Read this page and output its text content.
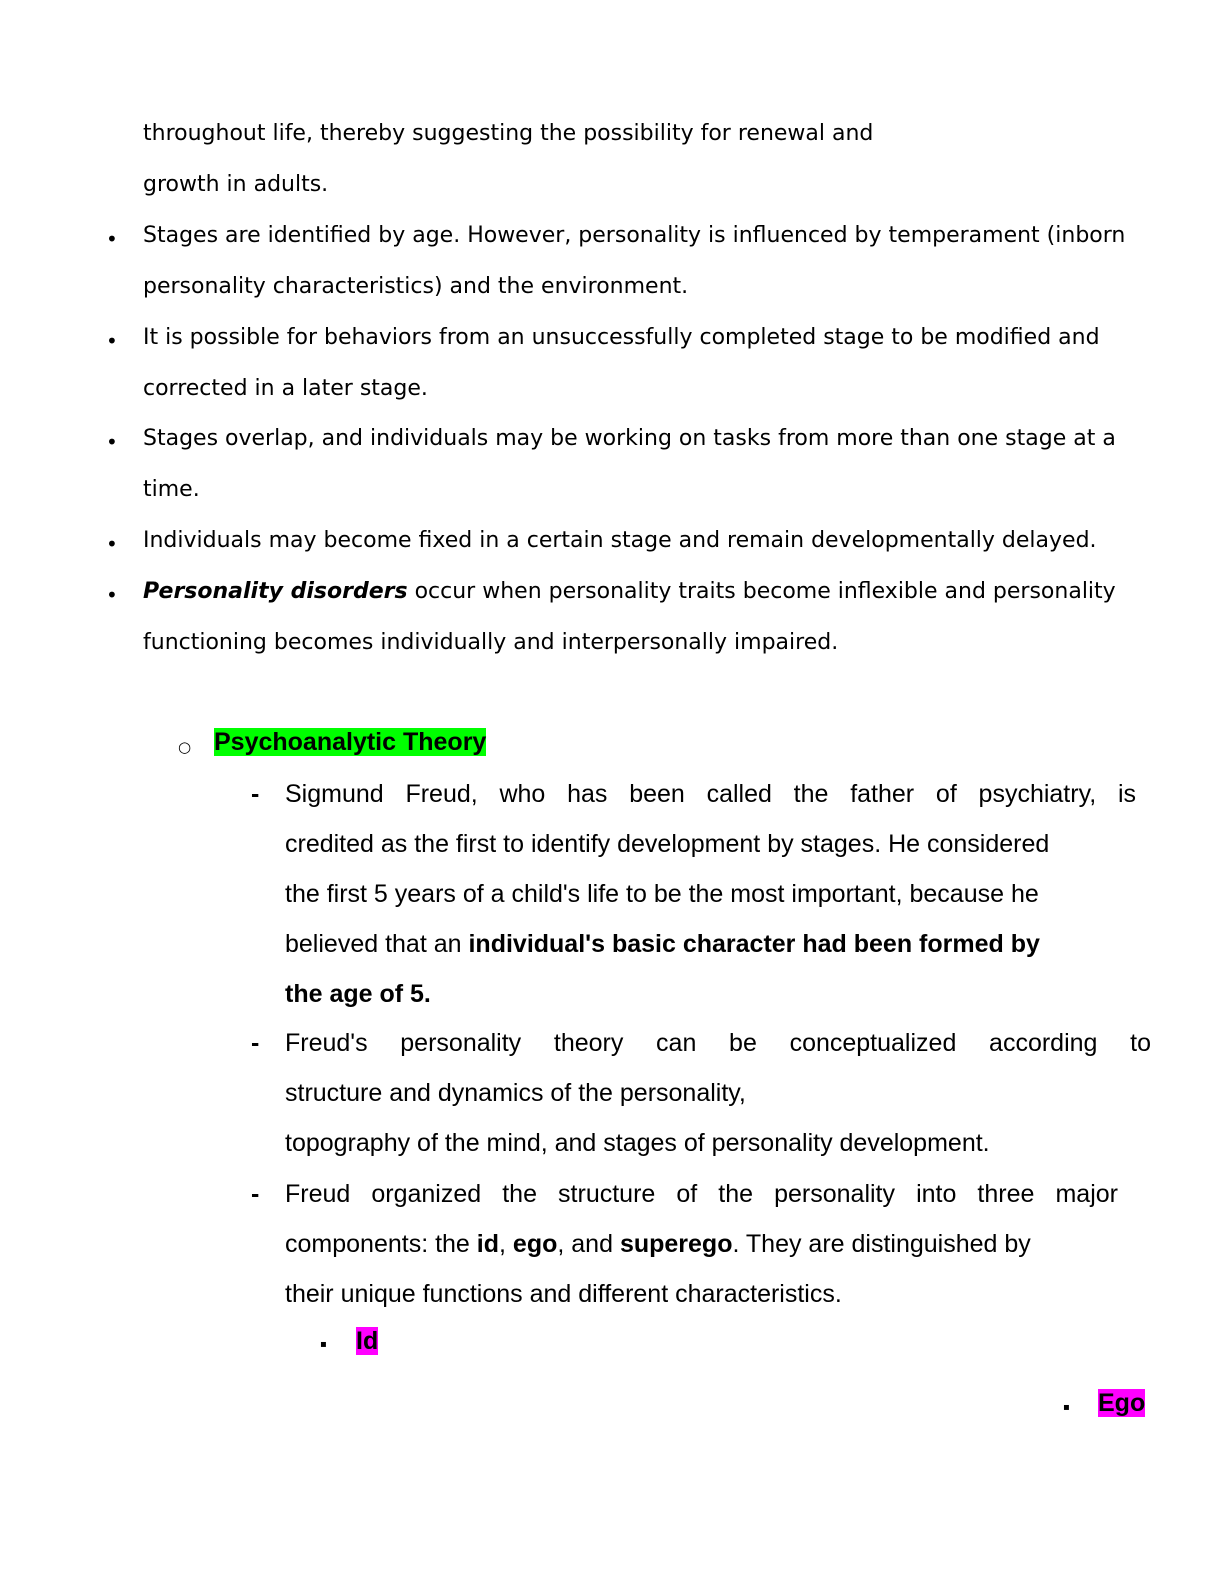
throughout life, thereby suggesting the possibility for renewal and
growth in adults.
• Stages are identified by age. However, personality is influenced by temperament (inborn
personality characteristics) and the environment.
• It is possible for behaviors from an unsuccessfully completed stage to be modified and
corrected in a later stage.
• Stages overlap, and individuals may be working on tasks from more than one stage at a
time.
• Individuals may become fixed in a certain stage and remain developmentally delayed.
• Personality disorders occur when personality traits become inflexible and personality
functioning becomes individually and interpersonally impaired.
○ Psychoanalytic Theory
- Sigmund Freud, who has been called the father of psychiatry, is
credited as the first to identify development by stages. He considered
the first 5 years of a child's life to be the most important, because he
believed that an individual's basic character had been formed by
the age of 5.
- Freud's personality theory can be conceptualized according to
structure and dynamics of the personality,
topography of the mind, and stages of personality development.
- Freud organized the structure of the personality into three major
components: the id, ego, and superego. They are distinguished by
their unique functions and different characteristics.
▪ Id
▪ Ego
